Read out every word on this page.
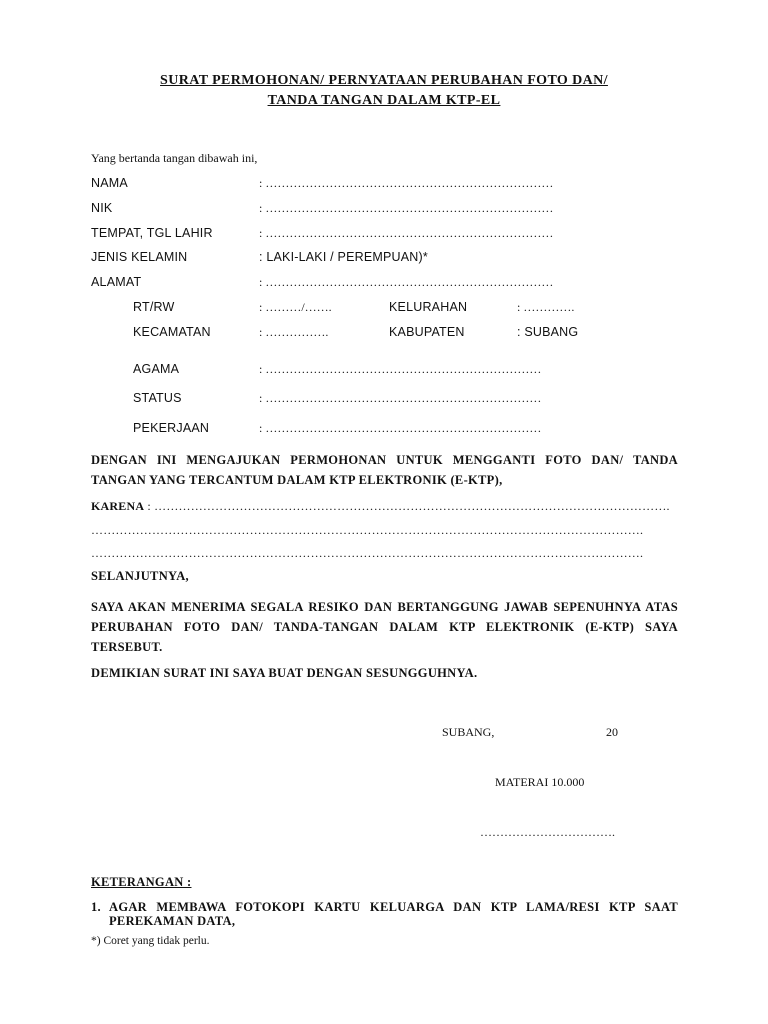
SURAT PERMOHONAN/ PERNYATAAN PERUBAHAN FOTO DAN/
TANDA TANGAN DALAM KTP-EL
Yang bertanda tangan dibawah ini,
NAMA	: ………………………………………………………………
NIK	: ………………………………………………………………
TEMPAT, TGL LAHIR	: ………………………………………………………………
JENIS KELAMIN	: LAKI-LAKI / PEREMPUAN)*
ALAMAT	: ………………………………………………………………
RT/RW	: ………/…….	KELURAHAN	: ………….
KECAMATAN	: …………….	KABUPATEN	: SUBANG
AGAMA	: ……………………………………………………………
STATUS	: ……………………………………………………………
PEKERJAAN	: ……………………………………………………………
DENGAN INI MENGAJUKAN PERMOHONAN UNTUK MENGGANTI FOTO DAN/ TANDA TANGAN YANG TERCANTUM DALAM KTP ELEKTRONIK (E-KTP),
KARENA : ……………………………………………………………………………………………………………….
……………………………………………………………………………………………………………………….
……………………………………………………………………………………………………………………….
SELANJUTNYA,
SAYA AKAN MENERIMA SEGALA RESIKO DAN BERTANGGUNG JAWAB SEPENUHNYA ATAS PERUBAHAN FOTO DAN/ TANDA-TANGAN DALAM KTP ELEKTRONIK (E-KTP) SAYA TERSEBUT.
DEMIKIAN SURAT INI SAYA BUAT DENGAN SESUNGGUHNYA.
SUBANG,	20
MATERAI 10.000
…………………………….
KETERANGAN :
1. AGAR MEMBAWA FOTOKOPI KARTU KELUARGA DAN KTP LAMA/RESI KTP SAAT PEREKAMAN DATA,
*) Coret yang tidak perlu.
